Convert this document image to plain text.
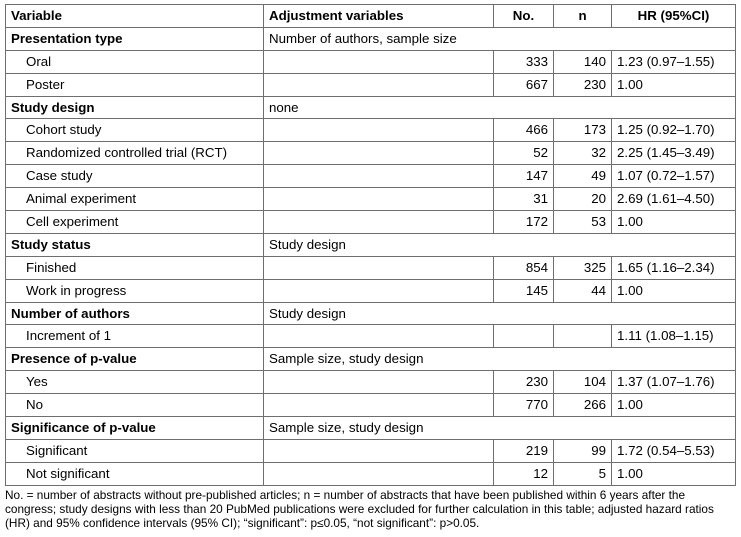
Variable	Adjustment variables	No.	n	HR (95%CI)
Presentation type	Number of authors, sample size			
Oral		333	140	1.23 (0.97–1.55)
Poster		667	230	1.00
Study design	none			
Cohort study		466	173	1.25 (0.92–1.70)
Randomized controlled trial (RCT)		52	32	2.25 (1.45–3.49)
Case study		147	49	1.07 (0.72–1.57)
Animal experiment		31	20	2.69 (1.61–4.50)
Cell experiment		172	53	1.00
Study status	Study design			
Finished		854	325	1.65 (1.16–2.34)
Work in progress		145	44	1.00
Number of authors	Study design			
Increment of 1				1.11 (1.08–1.15)
Presence of p-value	Sample size, study design			
Yes		230	104	1.37 (1.07–1.76)
No		770	266	1.00
Significance of p-value	Sample size, study design			
Significant		219	99	1.72 (0.54–5.53)
Not significant		12	5	1.00

No. = number of abstracts without pre-published articles; n = number of abstracts that have been published within 6 years after the congress; study designs with less than 20 PubMed publications were excluded for further calculation in this table; adjusted hazard ratios (HR) and 95% confidence intervals (95% CI); “significant”: p≤0.05, “not significant”: p>0.05.
